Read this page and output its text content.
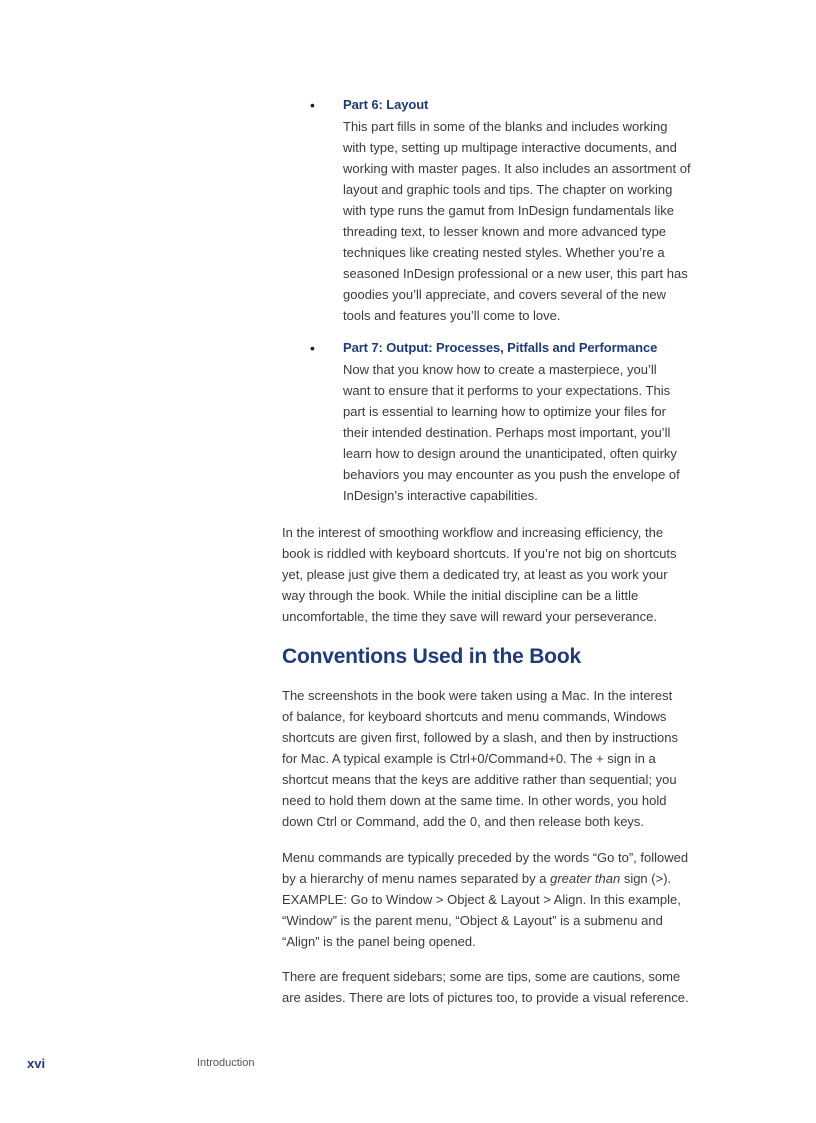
• Part 6: Layout
This part fills in some of the blanks and includes working
with type, setting up multipage interactive documents, and
working with master pages. It also includes an assortment of
layout and graphic tools and tips. The chapter on working
with type runs the gamut from InDesign fundamentals like
threading text, to lesser known and more advanced type
techniques like creating nested styles. Whether you’re a
seasoned InDesign professional or a new user, this part has
goodies you’ll appreciate, and covers several of the new
tools and features you’ll come to love.
• Part 7: Output: Processes, Pitfalls and Performance
Now that you know how to create a masterpiece, you’ll
want to ensure that it performs to your expectations. This
part is essential to learning how to optimize your files for
their intended destination. Perhaps most important, you’ll
learn how to design around the unanticipated, often quirky
behaviors you may encounter as you push the envelope of
InDesign’s interactive capabilities.

In the interest of smoothing workflow and increasing efficiency, the
book is riddled with keyboard shortcuts. If you’re not big on shortcuts
yet, please just give them a dedicated try, at least as you work your
way through the book. While the initial discipline can be a little
uncomfortable, the time they save will reward your perseverance.

Conventions Used in the Book

The screenshots in the book were taken using a Mac. In the interest
of balance, for keyboard shortcuts and menu commands, Windows
shortcuts are given first, followed by a slash, and then by instructions
for Mac. A typical example is Ctrl+0/Command+0. The + sign in a
shortcut means that the keys are additive rather than sequential; you
need to hold them down at the same time. In other words, you hold
down Ctrl or Command, add the 0, and then release both keys.

Menu commands are typically preceded by the words “Go to”, followed
by a hierarchy of menu names separated by a greater than sign (>).
EXAMPLE: Go to Window > Object & Layout > Align. In this example,
“Window” is the parent menu, “Object & Layout” is a submenu and
“Align” is the panel being opened.

There are frequent sidebars; some are tips, some are cautions, some
are asides. There are lots of pictures too, to provide a visual reference.

xvi	Introduction
